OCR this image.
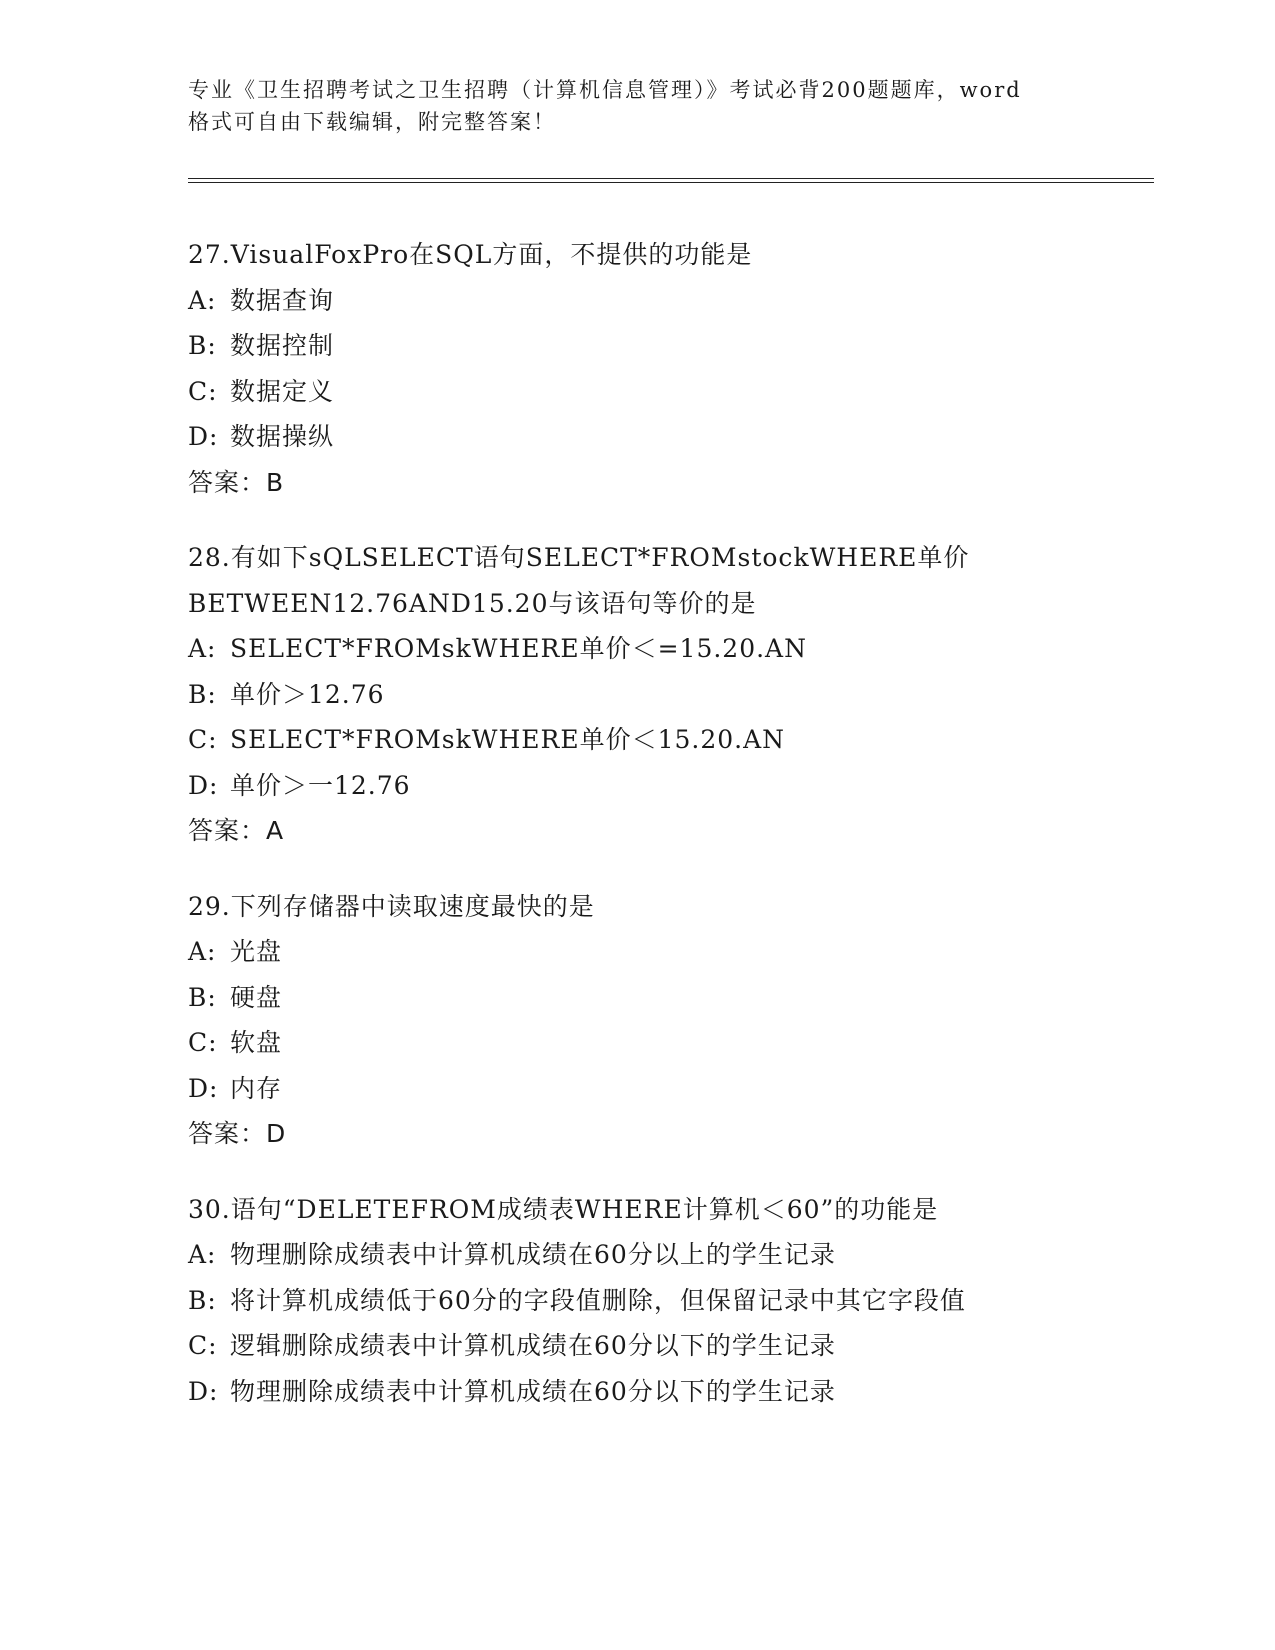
专业《卫生招聘考试之卫生招聘（计算机信息管理）》考试必背200题题库，word
格式可自由下载编辑，附完整答案！
27.VisualFoxPro在SQL方面，不提供的功能是
A: 数据查询
B: 数据控制
C: 数据定义
D: 数据操纵
答案：B
28.有如下sQLSELECT语句SELECT*FROMstockWHERE单价
BETWEEN12.76AND15.20与该语句等价的是
A: SELECT*FROMskWHERE单价＜=15.20.AN
B: 单价＞12.76
C: SELECT*FROMskWHERE单价＜15.20.AN
D: 单价＞一12.76
答案：A
29.下列存储器中读取速度最快的是
A: 光盘
B: 硬盘
C: 软盘
D: 内存
答案：D
30.语句“DELETEFROM成绩表WHERE计算机＜60”的功能是
A: 物理删除成绩表中计算机成绩在60分以上的学生记录
B: 将计算机成绩低于60分的字段值删除，但保留记录中其它字段值
C: 逻辑删除成绩表中计算机成绩在60分以下的学生记录
D: 物理删除成绩表中计算机成绩在60分以下的学生记录
